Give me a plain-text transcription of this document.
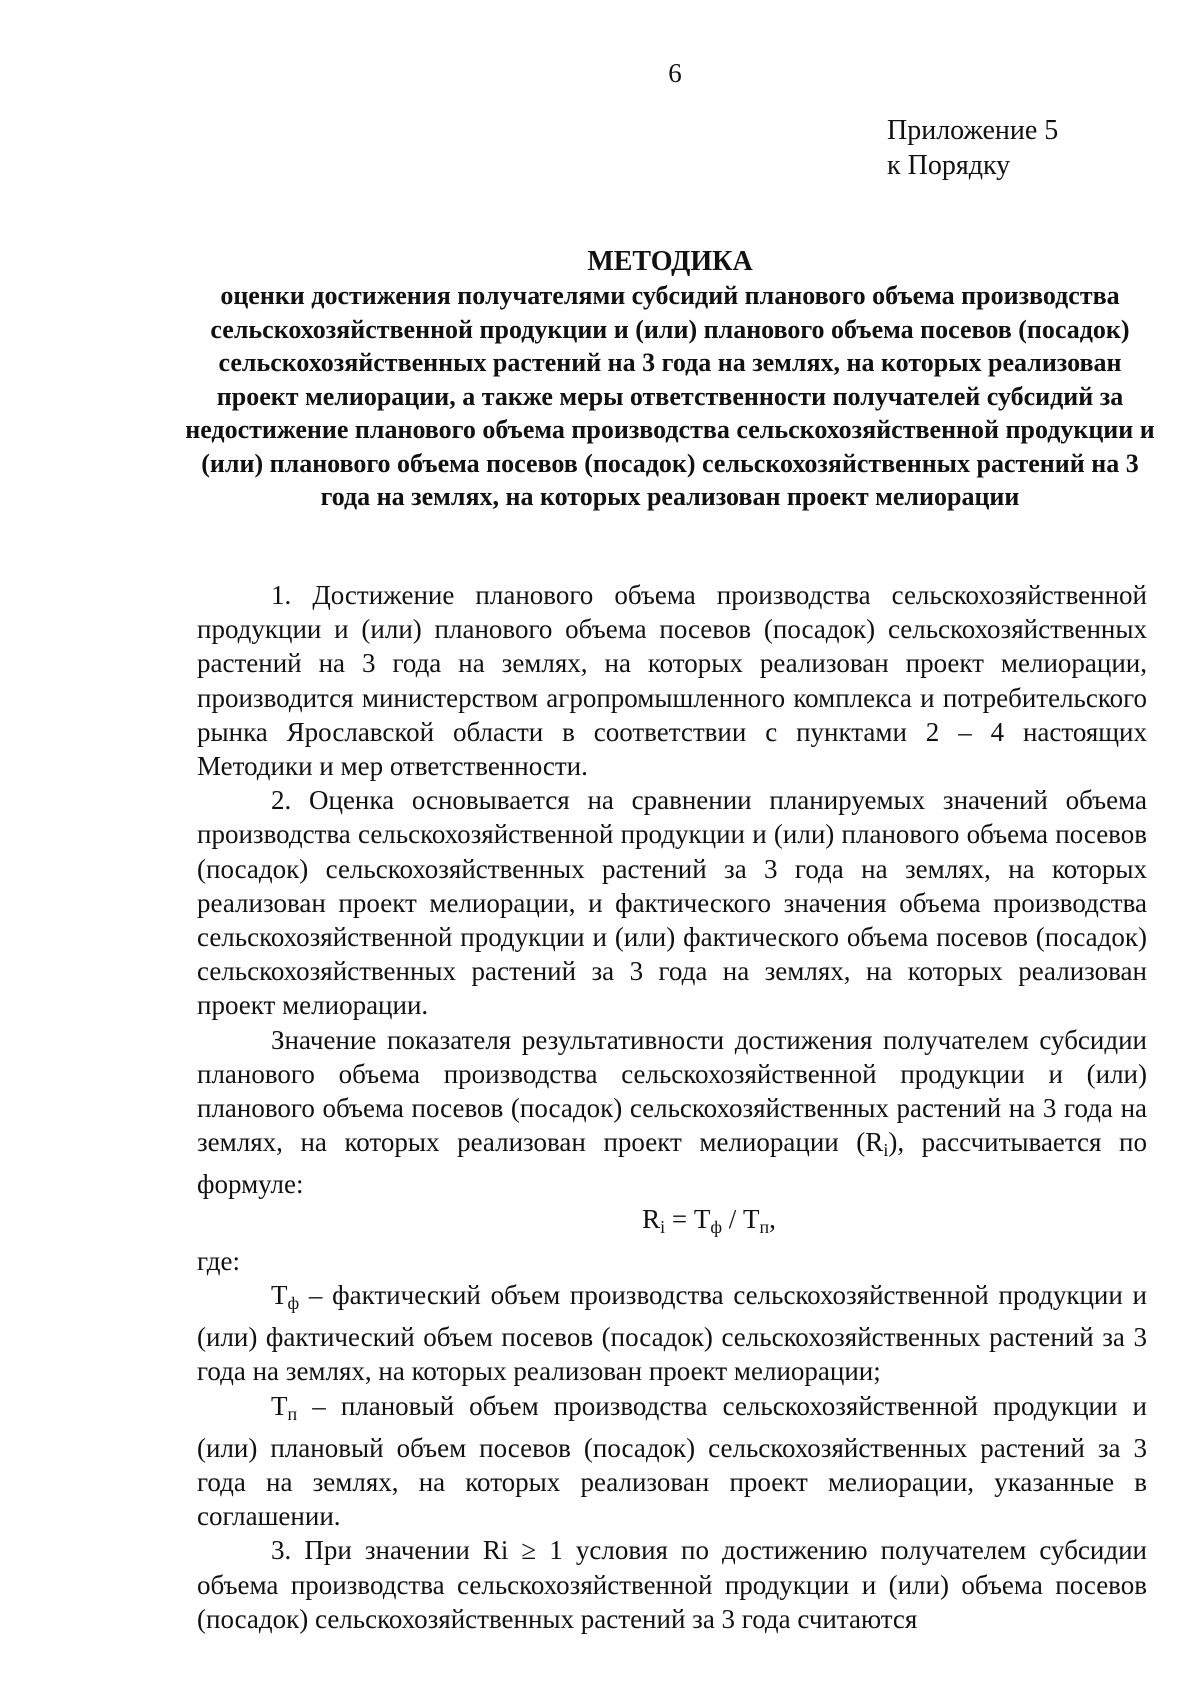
6
Приложение 5
к Порядку

МЕТОДИКА

оценки достижения получателями субсидий планового объема производства сельскохозяйственной продукции и (или) планового объема посевов (посадок) сельскохозяйственных растений на 3 года на землях, на которых реализован проект мелиорации, а также меры ответственности получателей субсидий за недостижение планового объема производства сельскохозяйственной продукции и (или) планового объема посевов (посадок) сельскохозяйственных растений на 3 года на землях, на которых реализован проект мелиорации

1. Достижение планового объема производства сельскохозяйственной продукции и (или) планового объема посевов (посадок) сельскохозяйственных растений на 3 года на землях, на которых реализован проект мелиорации, производится министерством агропромышленного комплекса и потребительского рынка Ярославской области в соответствии с пунктами 2 – 4 настоящих Методики и мер ответственности.

2. Оценка основывается на сравнении планируемых значений объема производства сельскохозяйственной продукции и (или) планового объема посевов (посадок) сельскохозяйственных растений за 3 года на землях, на которых реализован проект мелиорации, и фактического значения объема производства сельскохозяйственной продукции и (или) фактического объема посевов (посадок) сельскохозяйственных растений за 3 года на землях, на которых реализован проект мелиорации.

Значение показателя результативности достижения получателем субсидии планового объема производства сельскохозяйственной продукции и (или) планового объема посевов (посадок) сельскохозяйственных растений на 3 года на землях, на которых реализован проект мелиорации $(R_i)$, рассчитывается по формуле:

$R_i = Т_ф / Т_п$,

где:

$Т_ф$ – фактический объем производства сельскохозяйственной продукции и (или) фактический объем посевов (посадок) сельскохозяйственных растений за 3 года на землях, на которых реализован проект мелиорации;

$Т_п$ – плановый объем производства сельскохозяйственной продукции и (или) плановый объем посевов (посадок) сельскохозяйственных растений за 3 года на землях, на которых реализован проект мелиорации, указанные в соглашении.

3. При значении Ri ≥ 1 условия по достижению получателем субсидии объема производства сельскохозяйственной продукции и (или) объема посевов (посадок) сельскохозяйственных растений за 3 года считаются
